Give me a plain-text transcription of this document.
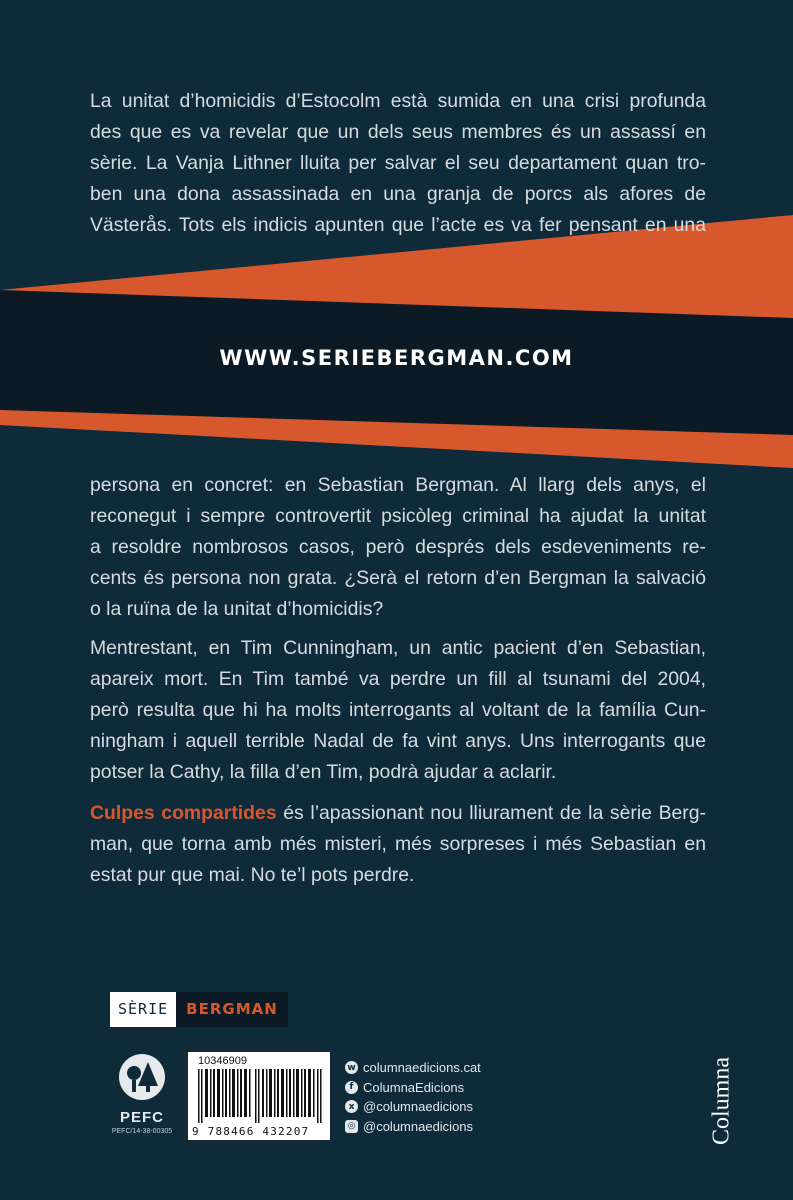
La unitat d’homicidis d’Estocolm està sumida en una crisi profunda
des que es va revelar que un dels seus membres és un assassí en
sèrie. La Vanja Lithner lluita per salvar el seu departament quan tro-
ben una dona assassinada en una granja de porcs als afores de
Västerås. Tots els indicis apunten que l’acte es va fer pensant en una
WWW.SERIEBERGMAN.COM
persona en concret: en Sebastian Bergman. Al llarg dels anys, el
reconegut i sempre controvertit psicòleg criminal ha ajudat la unitat
a resoldre nombrosos casos, però després dels esdeveniments re-
cents és persona non grata. ¿Serà el retorn d’en Bergman la salvació
o la ruïna de la unitat d’homicidis?
Mentrestant, en Tim Cunningham, un antic pacient d’en Sebastian,
apareix mort. En Tim també va perdre un fill al tsunami del 2004,
però resulta que hi ha molts interrogants al voltant de la família Cun-
ningham i aquell terrible Nadal de fa vint anys. Uns interrogants que
potser la Cathy, la filla d’en Tim, podrà ajudar a aclarir.
Culpes compartides és l’apassionant nou lliurament de la sèrie Berg-
man, que torna amb més misteri, més sorpreses i més Sebastian en
estat pur que mai. No te’l pots perdre.
SÈRIE	BERGMAN
PEFC
PEFC/14-38-00305
10346909
9 788466 432207
w columnaedicions.cat
f ColumnaEdicions
x @columnaedicions
◎ @columnaedicions	Columna
